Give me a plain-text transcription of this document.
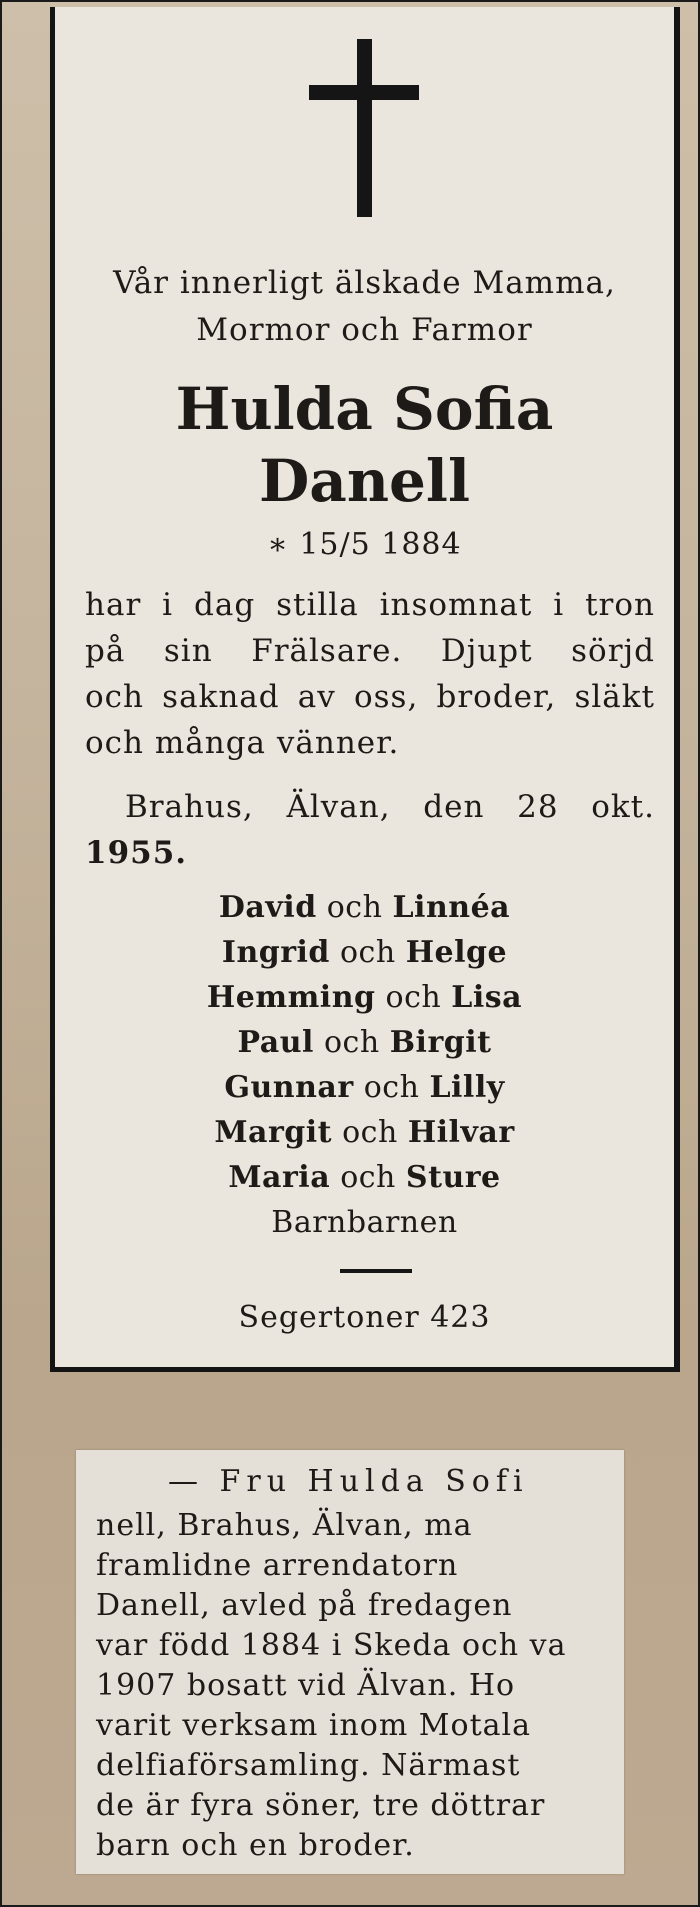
Vår innerligt älskade Mamma,
Mormor och Farmor
Hulda Sofia
Danell
∗ 15/5 1884
har i dag stilla insomnat i tron
på sin Frälsare. Djupt sörjd
och saknad av oss, broder, släkt
och många vänner.
Brahus, Älvan, den 28 okt.
1955.
David och Linnéa
Ingrid och Helge
Hemming och Lisa
Paul och Birgit
Gunnar och Lilly
Margit och Hilvar
Maria och Sture
Barnbarnen
Segertoner 423
— Fru Hulda Sofi
nell, Brahus, Älvan, ma
framlidne arrendatorn
Danell, avled på fredagen
var född 1884 i Skeda och va
1907 bosatt vid Älvan. Ho
varit verksam inom Motala
delfiaförsamling. Närmast
de är fyra söner, tre döttrar
barn och en broder.
